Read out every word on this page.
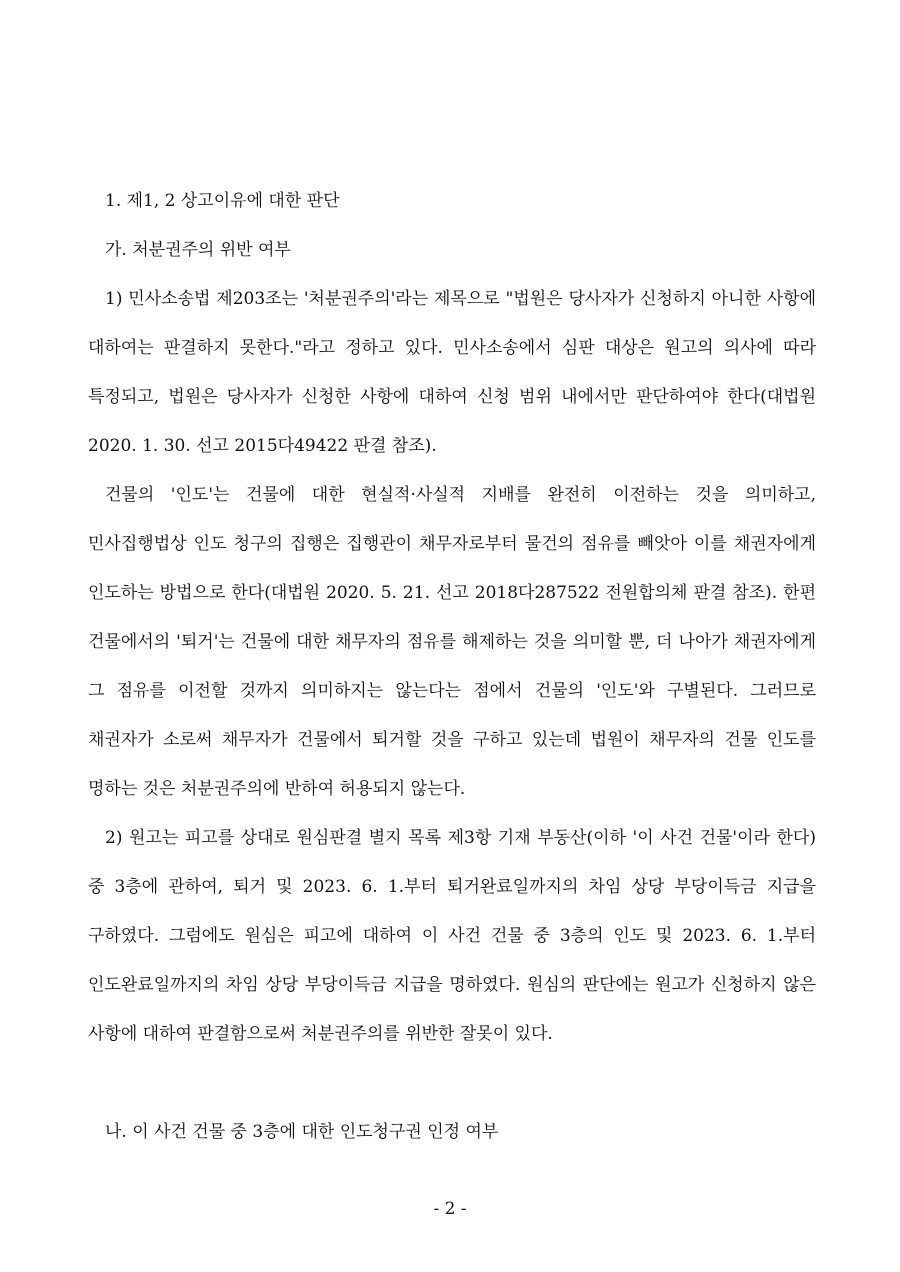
1. 제1, 2 상고이유에 대한 판단

가. 처분권주의 위반 여부

1) 민사소송법 제203조는 '처분권주의'라는 제목으로 "법원은 당사자가 신청하지 아니한 사항에 대하여는 판결하지 못한다."라고 정하고 있다. 민사소송에서 심판 대상은 원고의 의사에 따라 특정되고, 법원은 당사자가 신청한 사항에 대하여 신청 범위 내에서만 판단하여야 한다(대법원 2020. 1. 30. 선고 2015다49422 판결 참조).

건물의 '인도'는 건물에 대한 현실적·사실적 지배를 완전히 이전하는 것을 의미하고, 민사집행법상 인도 청구의 집행은 집행관이 채무자로부터 물건의 점유를 빼앗아 이를 채권자에게 인도하는 방법으로 한다(대법원 2020. 5. 21. 선고 2018다287522 전원합의체 판결 참조). 한편 건물에서의 '퇴거'는 건물에 대한 채무자의 점유를 해제하는 것을 의미할 뿐, 더 나아가 채권자에게 그 점유를 이전할 것까지 의미하지는 않는다는 점에서 건물의 '인도'와 구별된다. 그러므로 채권자가 소로써 채무자가 건물에서 퇴거할 것을 구하고 있는데 법원이 채무자의 건물 인도를 명하는 것은 처분권주의에 반하여 허용되지 않는다.

2) 원고는 피고를 상대로 원심판결 별지 목록 제3항 기재 부동산(이하 '이 사건 건물'이라 한다) 중 3층에 관하여, 퇴거 및 2023. 6. 1.부터 퇴거완료일까지의 차임 상당 부당이득금 지급을 구하였다. 그럼에도 원심은 피고에 대하여 이 사건 건물 중 3층의 인도 및 2023. 6. 1.부터 인도완료일까지의 차임 상당 부당이득금 지급을 명하였다. 원심의 판단에는 원고가 신청하지 않은 사항에 대하여 판결함으로써 처분권주의를 위반한 잘못이 있다.

나. 이 사건 건물 중 3층에 대한 인도청구권 인정 여부

- 2 -
